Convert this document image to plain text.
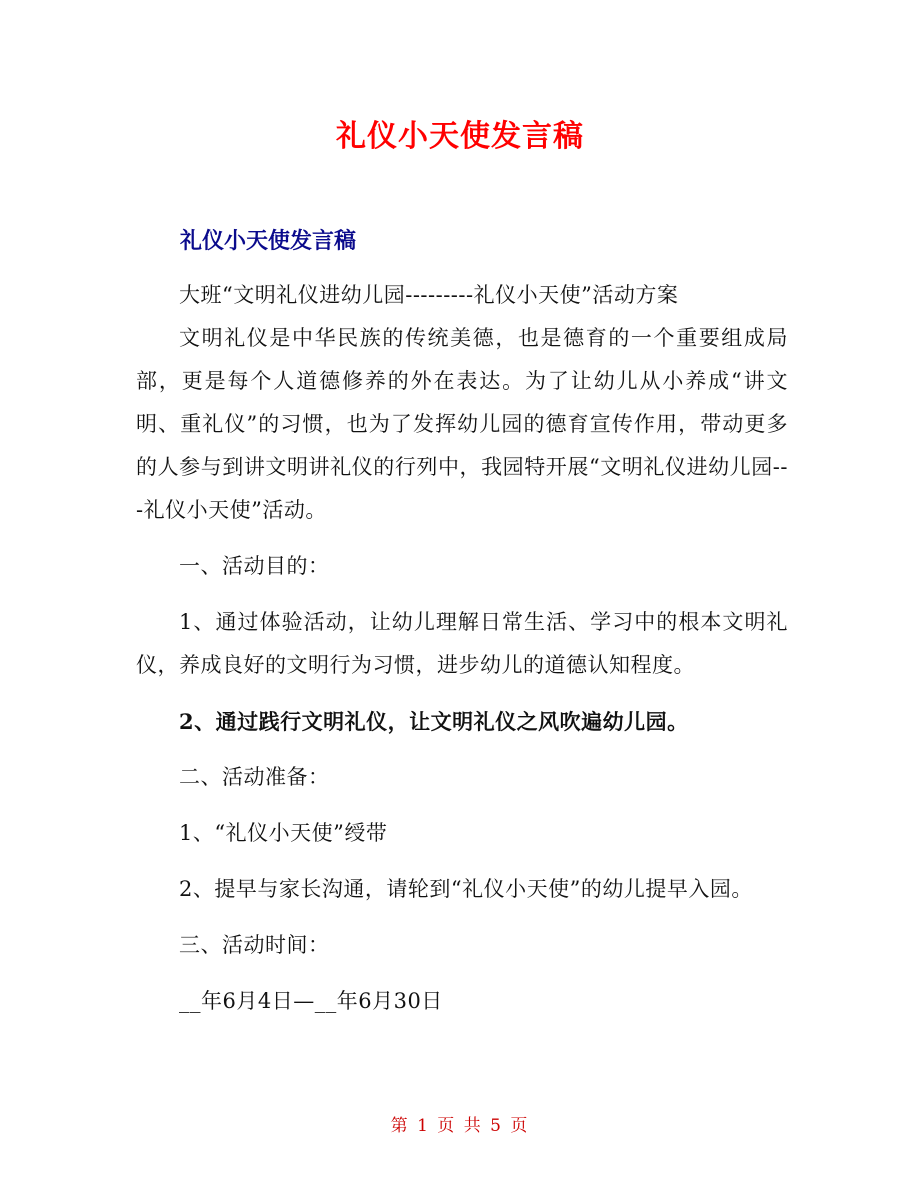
礼仪小天使发言稿
礼仪小天使发言稿

大班“文明礼仪进幼儿园---------礼仪小天使”活动方案

文明礼仪是中华民族的传统美德，也是德育的一个重要组成局部，更是每个人道德修养的外在表达。为了让幼儿从小养成“讲文明、重礼仪”的习惯，也为了发挥幼儿园的德育宣传作用，带动更多的人参与到讲文明讲礼仪的行列中，我园特开展“文明礼仪进幼儿园---礼仪小天使”活动。

一、活动目的：

1、通过体验活动，让幼儿理解日常生活、学习中的根本文明礼仪，养成良好的文明行为习惯，进步幼儿的道德认知程度。

2、通过践行文明礼仪，让文明礼仪之风吹遍幼儿园。

二、活动准备：

1、“礼仪小天使”绶带

2、提早与家长沟通，请轮到“礼仪小天使”的幼儿提早入园。

三、活动时间：

__年6月4日—__年6月30日

第 1 页 共 5 页
